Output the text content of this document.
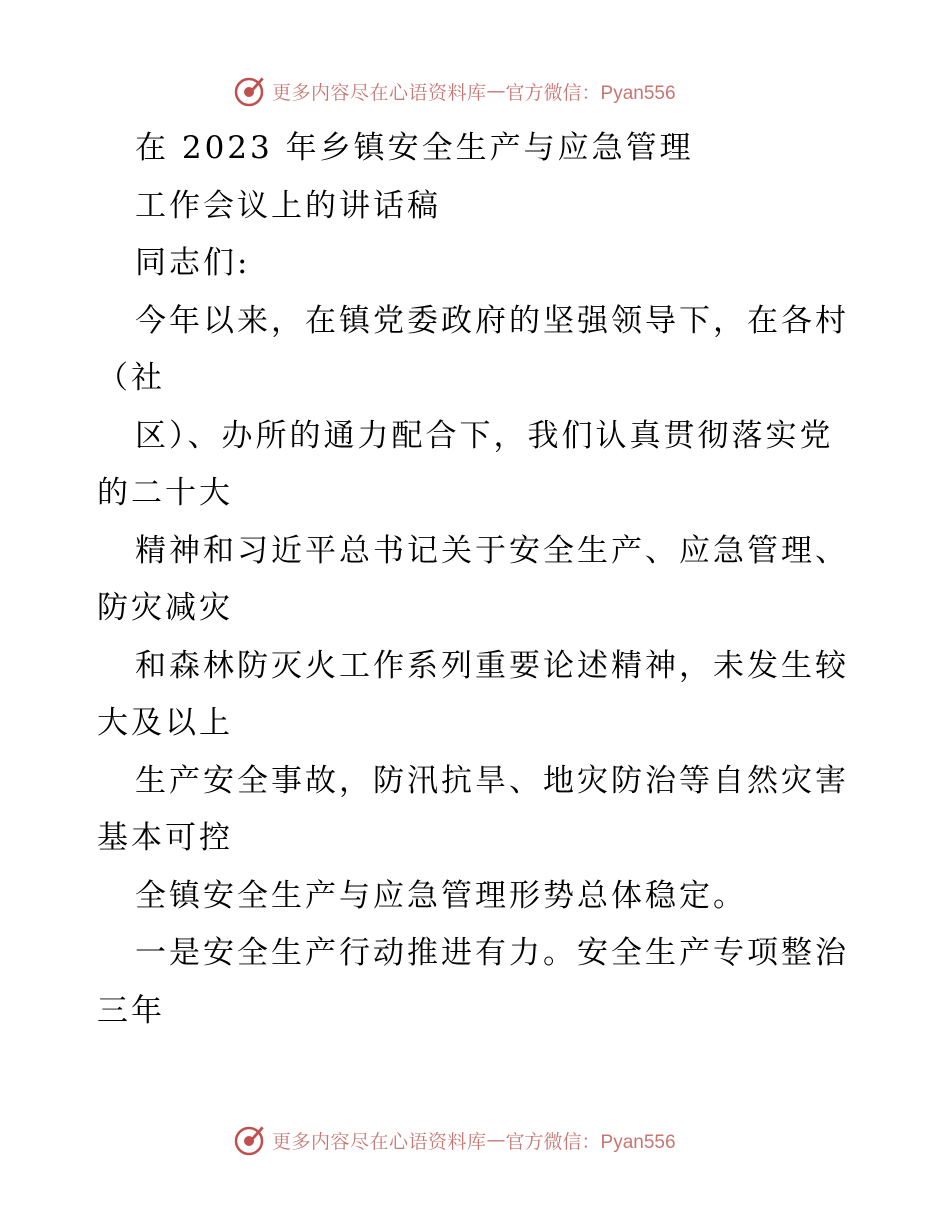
更多内容尽在心语资料库 — 官方微信：Pyan556

在 2023 年乡镇安全生产与应急管理

工作会议上的讲话稿

同志们:

今年以来，在镇党委政府的坚强领导下，在各村

（社

区）、办所的通力配合下，我们认真贯彻落实党

的二十大

精神和习近平总书记关于安全生产、应急管理、

防灾减灾

和森林防灭火工作系列重要论述精神，未发生较

大及以上

生产安全事故，防汛抗旱、地灾防治等自然灾害

基本可控

全镇安全生产与应急管理形势总体稳定。

一是安全生产行动推进有力。安全生产专项整治

三年

更多内容尽在心语资料库 — 官方微信：Pyan556
